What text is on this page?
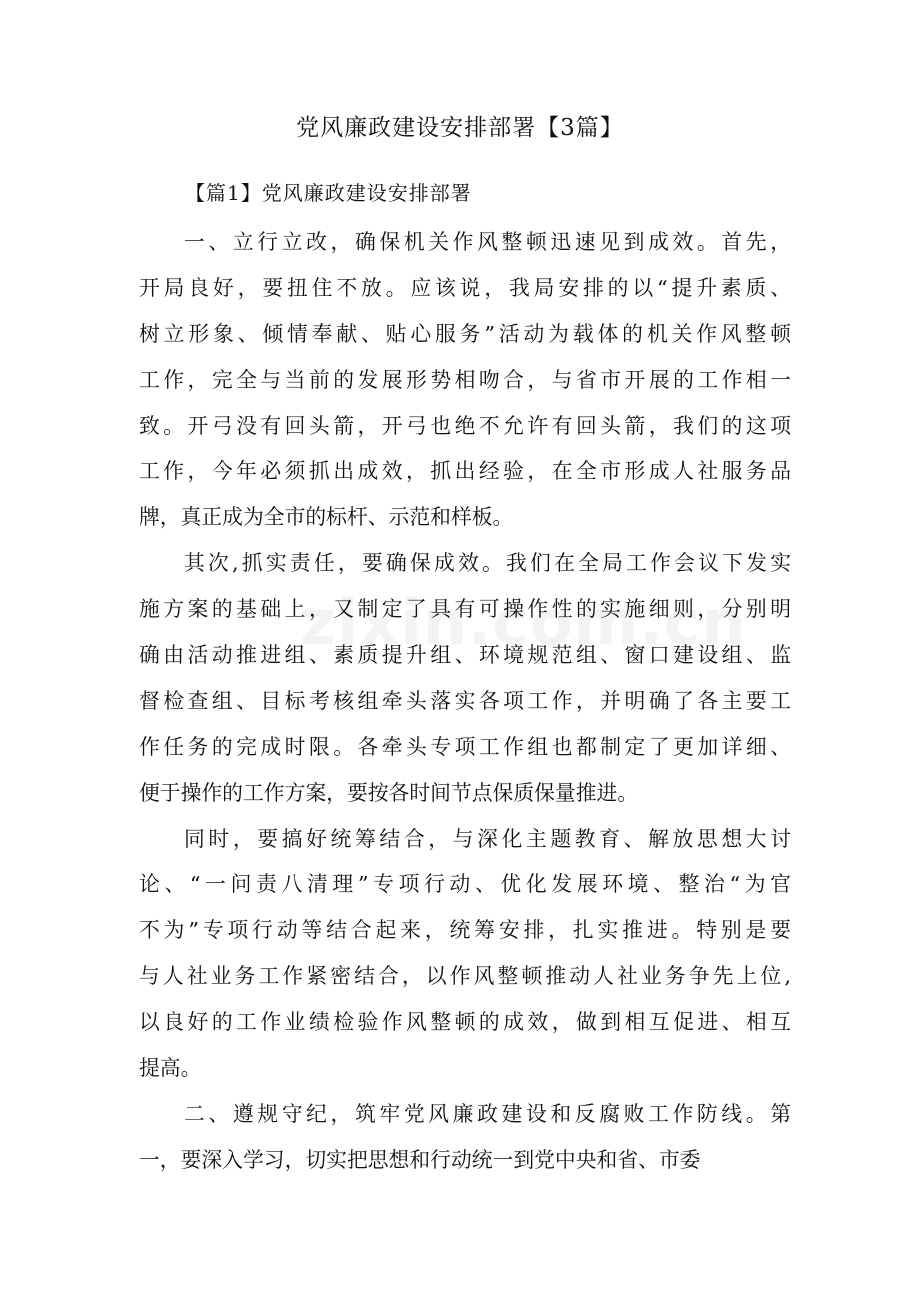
党风廉政建设安排部署【3篇】
【篇1】党风廉政建设安排部署
一、立行立改，确保机关作风整顿迅速见到成效。首先，
开局良好，要扭住不放。应该说，我局安排的以“提升素质、
树立形象、倾情奉献、贴心服务”活动为载体的机关作风整顿
工作，完全与当前的发展形势相吻合，与省市开展的工作相一
致。开弓没有回头箭，开弓也绝不允许有回头箭，我们的这项
工作，今年必须抓出成效，抓出经验，在全市形成人社服务品
牌，真正成为全市的标杆、示范和样板。
其次,抓实责任，要确保成效。我们在全局工作会议下发实
施方案的基础上，又制定了具有可操作性的实施细则，分别明
确由活动推进组、素质提升组、环境规范组、窗口建设组、监
督检查组、目标考核组牵头落实各项工作，并明确了各主要工
作任务的完成时限。各牵头专项工作组也都制定了更加详细、
便于操作的工作方案，要按各时间节点保质保量推进。
同时，要搞好统筹结合，与深化主题教育、解放思想大讨
论、“一问责八清理”专项行动、优化发展环境、整治“为官
不为”专项行动等结合起来，统筹安排，扎实推进。特别是要
与人社业务工作紧密结合，以作风整顿推动人社业务争先上位,
以良好的工作业绩检验作风整顿的成效，做到相互促进、相互
提高。
二、遵规守纪，筑牢党风廉政建设和反腐败工作防线。第
一，要深入学习，切实把思想和行动统一到党中央和省、市委
